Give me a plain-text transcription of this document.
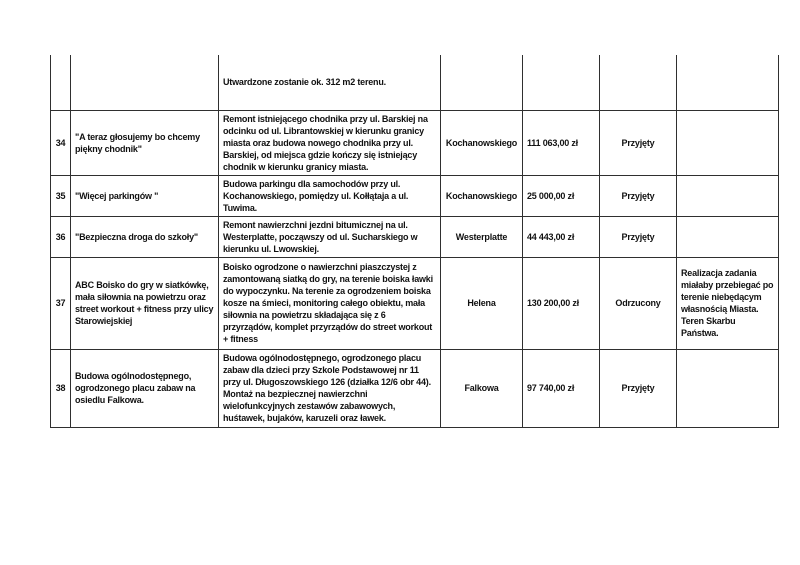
		Utwardzone zostanie ok. 312 m2 terenu.				
34	"A teraz głosujemy bo chcemy piękny chodnik"	Remont istniejącego chodnika przy ul. Barskiej na odcinku od ul. Librantowskiej w kierunku granicy miasta oraz budowa nowego chodnika przy ul. Barskiej, od miejsca gdzie kończy się istniejący chodnik w kierunku granicy miasta.	Kochanowskiego	111 063,00 zł	Przyjęty	
35	"Więcej parkingów "	Budowa parkingu dla samochodów przy ul. Kochanowskiego, pomiędzy ul. Kołłątaja a ul. Tuwima.	Kochanowskiego	25 000,00 zł	Przyjęty	
36	"Bezpieczna droga do szkoły"	Remont nawierzchni jezdni bitumicznej na ul. Westerplatte, począwszy od ul. Sucharskiego w kierunku ul. Lwowskiej.	Westerplatte	44 443,00 zł	Przyjęty	
37	ABC Boisko do gry w siatkówkę, mała siłownia na powietrzu oraz street workout + fitness przy ulicy Starowiejskiej	Boisko ogrodzone o nawierzchni piaszczystej z zamontowaną siatką do gry, na terenie boiska ławki do wypoczynku. Na terenie za ogrodzeniem boiska kosze na śmieci, monitoring całego obiektu, mała siłownia na powietrzu składająca się z 6 przyrządów, komplet przyrządów do street workout + fitness	Helena	130 200,00 zł	Odrzucony	Realizacja zadania miałaby przebiegać po terenie niebędącym własnością Miasta. Teren Skarbu Państwa.
38	Budowa ogólnodostępnego, ogrodzonego placu zabaw na osiedlu Falkowa.	Budowa ogólnodostępnego, ogrodzonego placu zabaw dla dzieci przy Szkole Podstawowej nr 11 przy ul. Długoszowskiego 126 (działka 12/6 obr 44). Montaż na bezpiecznej nawierzchni wielofunkcyjnych zestawów zabawowych, huśtawek, bujaków, karuzeli oraz ławek.	Falkowa	97 740,00 zł	Przyjęty	
